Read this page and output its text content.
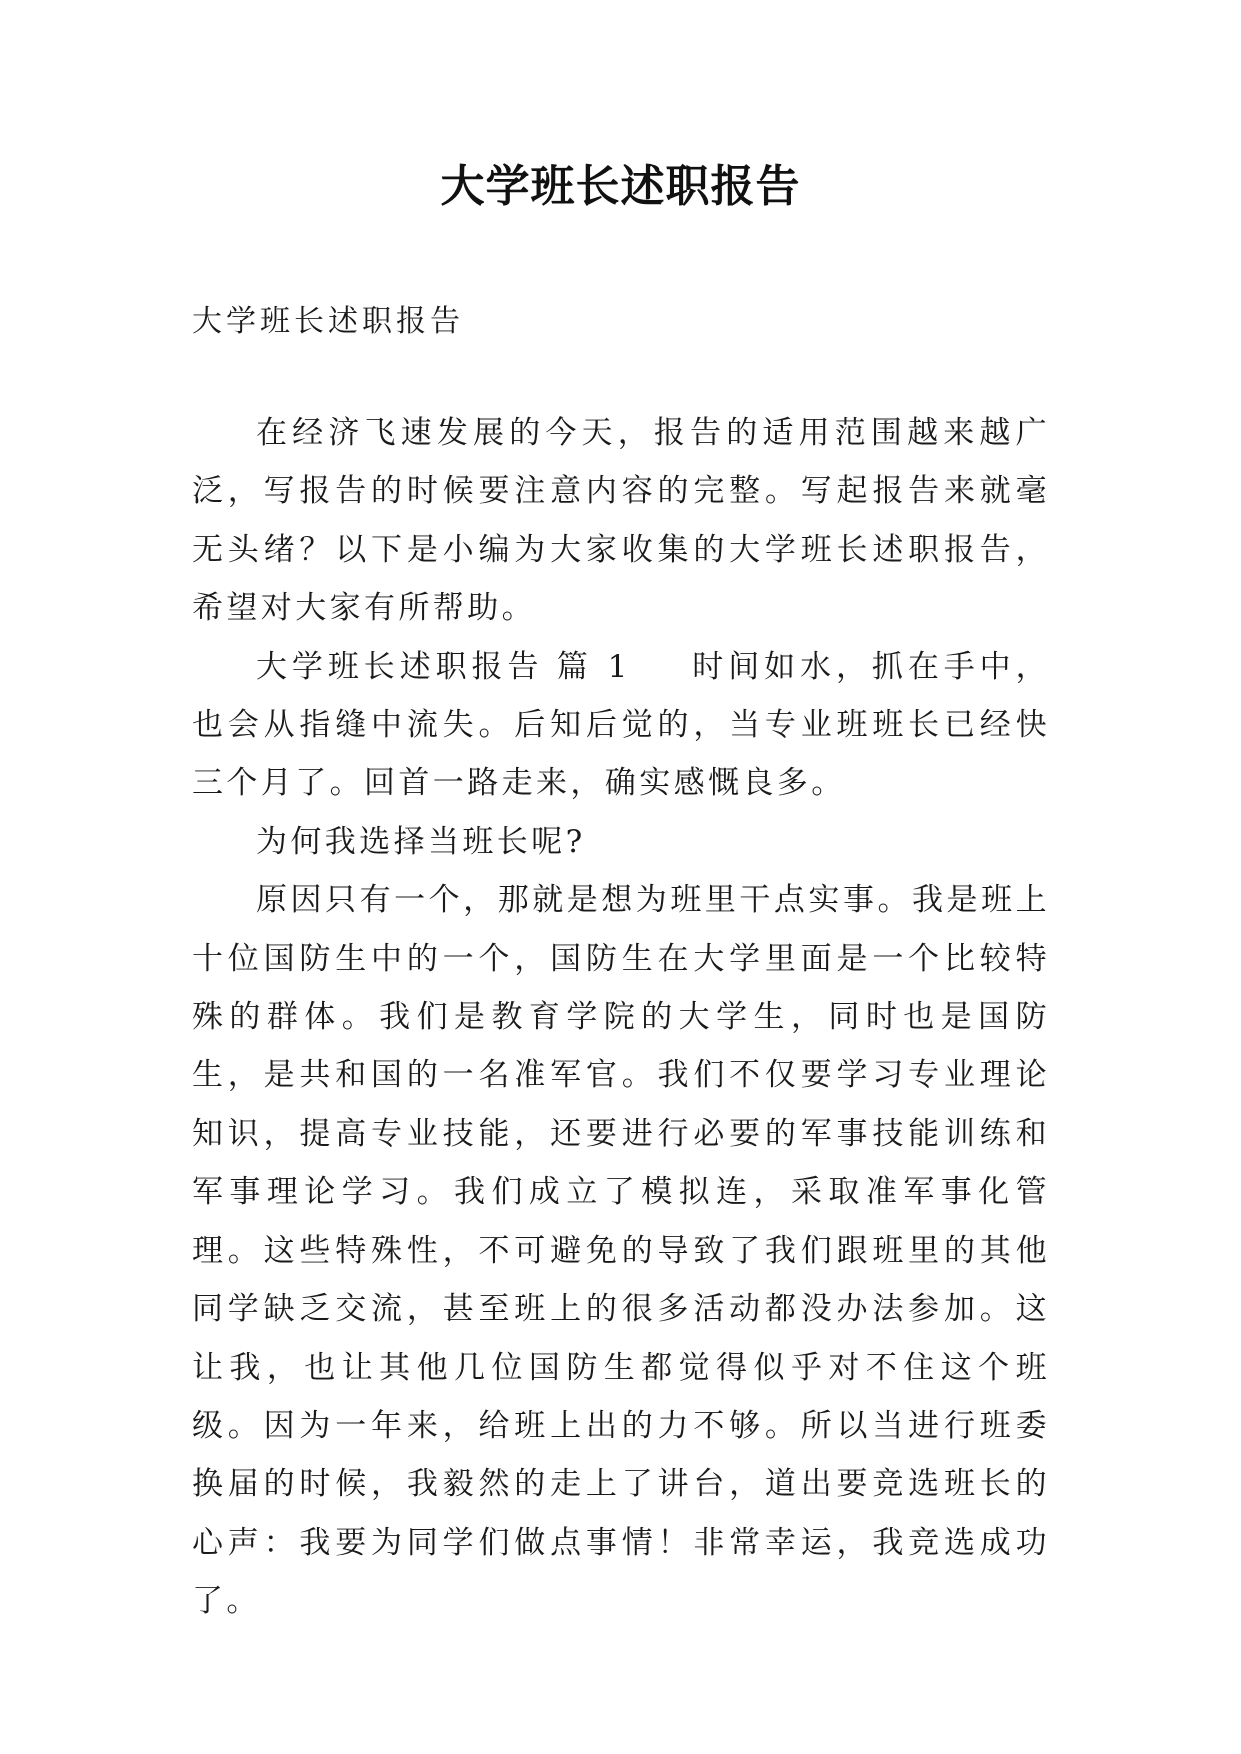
大学班长述职报告
大学班长述职报告

在经济飞速发展的今天，报告的适用范围越来越广泛，写报告的时候要注意内容的完整。写起报告来就毫无头绪？以下是小编为大家收集的大学班长述职报告，希望对大家有所帮助。

大学班长述职报告 篇 1 时间如水，抓在手中，也会从指缝中流失。后知后觉的，当专业班班长已经快三个月了。回首一路走来，确实感慨良多。

为何我选择当班长呢?

原因只有一个，那就是想为班里干点实事。我是班上十位国防生中的一个，国防生在大学里面是一个比较特殊的群体。我们是教育学院的大学生，同时也是国防生，是共和国的一名准军官。我们不仅要学习专业理论知识，提高专业技能，还要进行必要的军事技能训练和军事理论学习。我们成立了模拟连，采取准军事化管理。这些特殊性，不可避免的导致了我们跟班里的其他同学缺乏交流，甚至班上的很多活动都没办法参加。这让我，也让其他几位国防生都觉得似乎对不住这个班级。因为一年来，给班上出的力不够。所以当进行班委换届的时候，我毅然的走上了讲台，道出要竞选班长的心声：我要为同学们做点事情！非常幸运，我竞选成功了。
